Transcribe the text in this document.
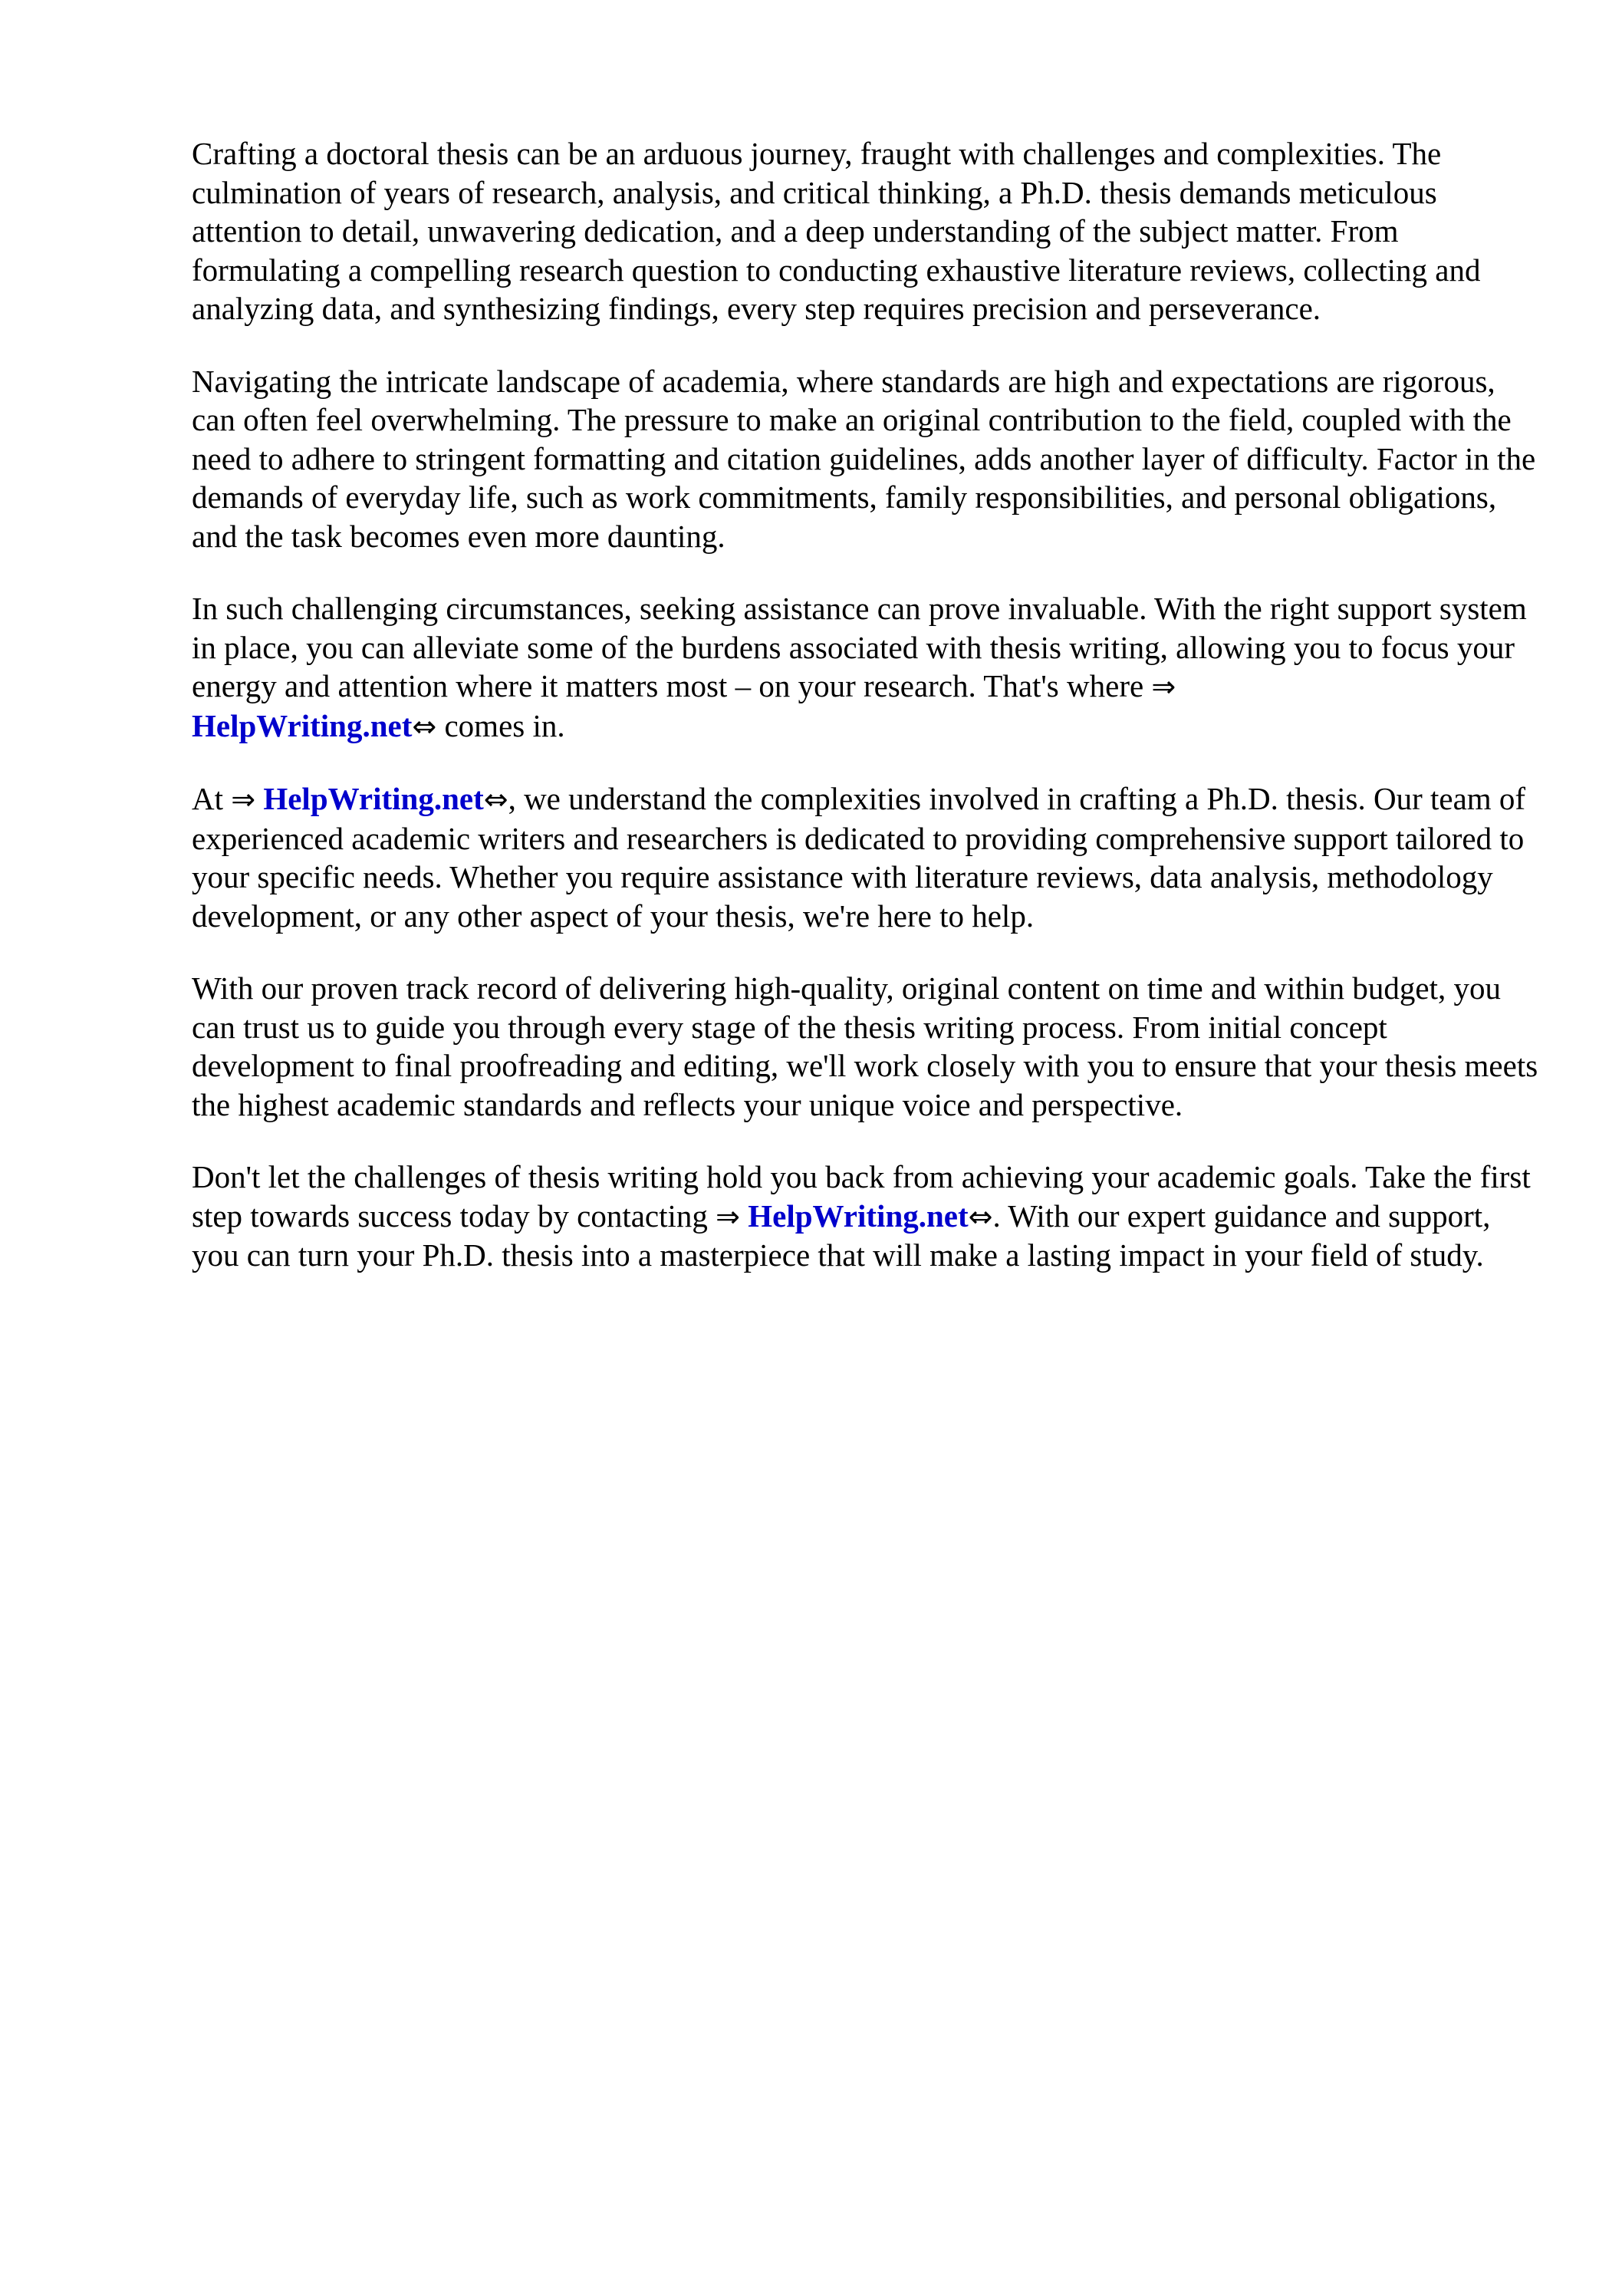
Crafting a doctoral thesis can be an arduous journey, fraught with challenges and complexities. The culmination of years of research, analysis, and critical thinking, a Ph.D. thesis demands meticulous attention to detail, unwavering dedication, and a deep understanding of the subject matter. From formulating a compelling research question to conducting exhaustive literature reviews, collecting and analyzing data, and synthesizing findings, every step requires precision and perseverance.

Navigating the intricate landscape of academia, where standards are high and expectations are rigorous, can often feel overwhelming. The pressure to make an original contribution to the field, coupled with the need to adhere to stringent formatting and citation guidelines, adds another layer of difficulty. Factor in the demands of everyday life, such as work commitments, family responsibilities, and personal obligations, and the task becomes even more daunting.

In such challenging circumstances, seeking assistance can prove invaluable. With the right support system in place, you can alleviate some of the burdens associated with thesis writing, allowing you to focus your energy and attention where it matters most – on your research. That's where ⇒
HelpWriting.net⇔ comes in.

At ⇒ HelpWriting.net⇔, we understand the complexities involved in crafting a Ph.D. thesis. Our team of experienced academic writers and researchers is dedicated to providing comprehensive support tailored to your specific needs. Whether you require assistance with literature reviews, data analysis, methodology development, or any other aspect of your thesis, we're here to help.

With our proven track record of delivering high-quality, original content on time and within budget, you can trust us to guide you through every stage of the thesis writing process. From initial concept development to final proofreading and editing, we'll work closely with you to ensure that your thesis meets the highest academic standards and reflects your unique voice and perspective.

Don't let the challenges of thesis writing hold you back from achieving your academic goals. Take the first step towards success today by contacting ⇒ HelpWriting.net⇔. With our expert guidance and support, you can turn your Ph.D. thesis into a masterpiece that will make a lasting impact in your field of study.
